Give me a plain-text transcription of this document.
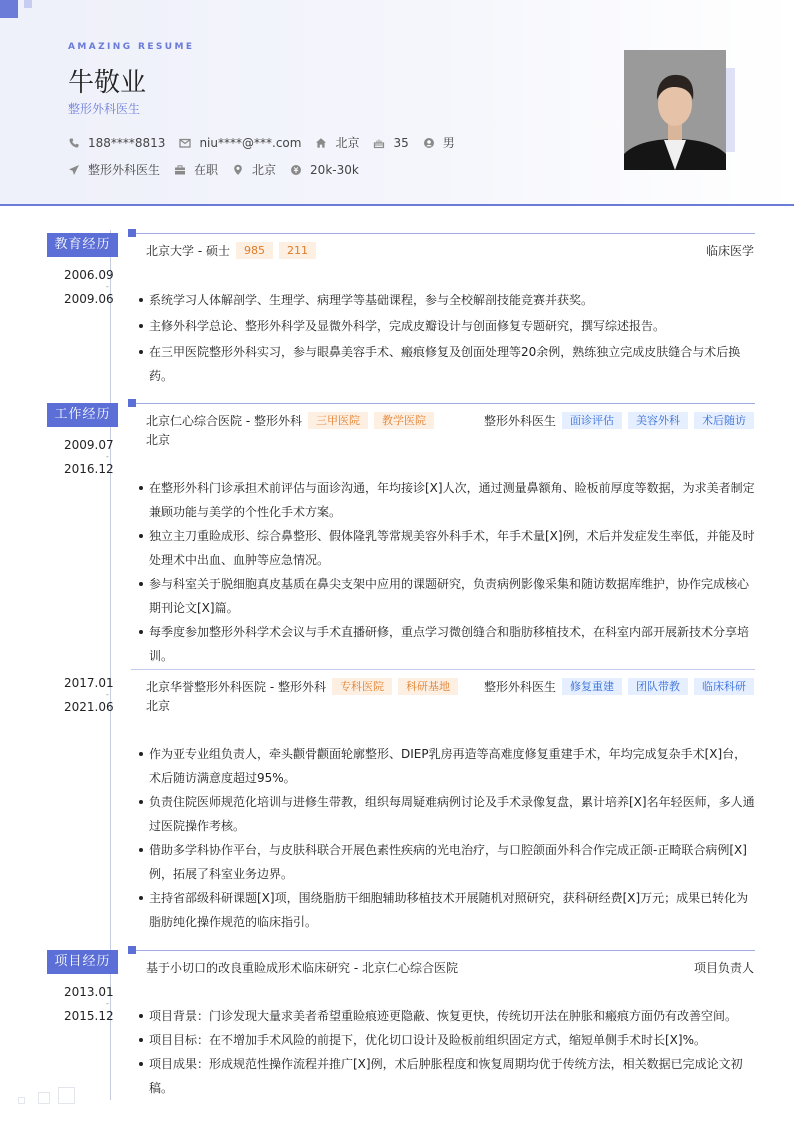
AMAZING RESUME
牛敬业
整形外科医生
188****8813	niu****@***.com	北京	35	男
整形外科医生	在职	北京	20k-30k
教育经历
2006.09
-
2009.06
北京大学 - 硕士	985	211	临床医学
系统学习人体解剖学、生理学、病理学等基础课程，参与全校解剖技能竞赛并获奖。
主修外科学总论、整形外科学及显微外科学，完成皮瓣设计与创面修复专题研究，撰写综述报告。
在三甲医院整形外科实习，参与眼鼻美容手术、瘢痕修复及创面处理等20余例，熟练独立完成皮肤缝合与术后换药。
工作经历
2009.07
-
2016.12
北京仁心综合医院 - 整形外科	三甲医院	教学医院	整形外科医生	面诊评估	美容外科	术后随访
北京
在整形外科门诊承担术前评估与面诊沟通，年均接诊[X]人次，通过测量鼻额角、睑板前厚度等数据，为求美者制定兼顾功能与美学的个性化手术方案。
独立主刀重睑成形、综合鼻整形、假体隆乳等常规美容外科手术，年手术量[X]例，术后并发症发生率低，并能及时处理术中出血、血肿等应急情况。
参与科室关于脱细胞真皮基质在鼻尖支架中应用的课题研究，负责病例影像采集和随访数据库维护，协作完成核心期刊论文[X]篇。
每季度参加整形外科学术会议与手术直播研修，重点学习微创缝合和脂肪移植技术，在科室内部开展新技术分享培训。
2017.01
-
2021.06
北京华誉整形外科医院 - 整形外科	专科医院	科研基地	整形外科医生	修复重建	团队带教	临床科研
北京
作为亚专业组负责人，牵头颧骨颧面轮廓整形、DIEP乳房再造等高难度修复重建手术，年均完成复杂手术[X]台，术后随访满意度超过95%。
负责住院医师规范化培训与进修生带教，组织每周疑难病例讨论及手术录像复盘，累计培养[X]名年轻医师，多人通过医院操作考核。
借助多学科协作平台，与皮肤科联合开展色素性疾病的光电治疗，与口腔颌面外科合作完成正颌-正畸联合病例[X]例，拓展了科室业务边界。
主持省部级科研课题[X]项，围绕脂肪干细胞辅助移植技术开展随机对照研究，获科研经费[X]万元；成果已转化为脂肪纯化操作规范的临床指引。
项目经历
2013.01
-
2015.12
基于小切口的改良重睑成形术临床研究 - 北京仁心综合医院	项目负责人
项目背景：门诊发现大量求美者希望重睑痕迹更隐蔽、恢复更快，传统切开法在肿胀和瘢痕方面仍有改善空间。
项目目标：在不增加手术风险的前提下，优化切口设计及睑板前组织固定方式，缩短单侧手术时长[X]%。
项目成果：形成规范性操作流程并推广[X]例，术后肿胀程度和恢复周期均优于传统方法，相关数据已完成论文初稿。
